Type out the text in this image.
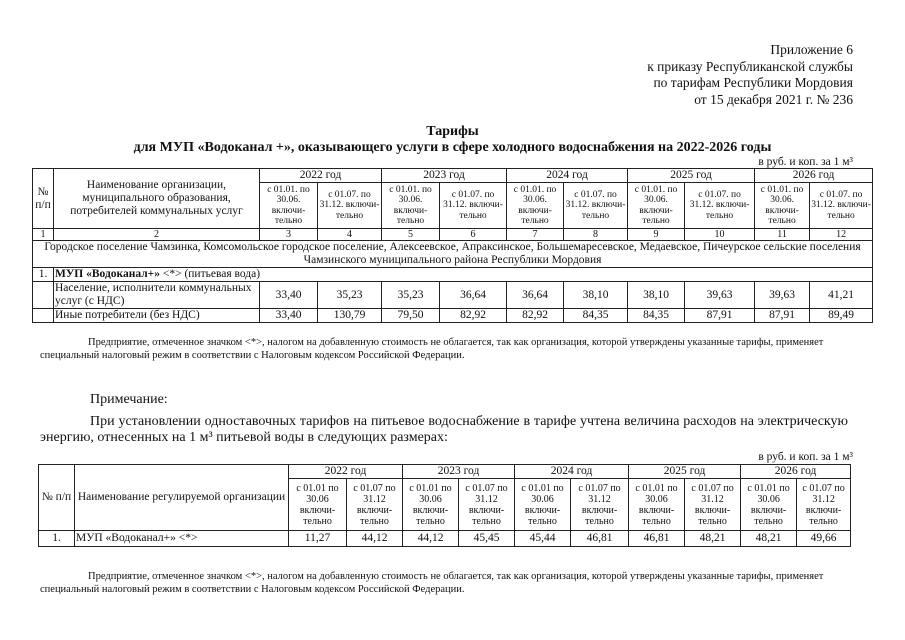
Приложение 6
к приказу Республиканской службы
по тарифам Республики Мордовия
от 15 декабря 2021 г. № 236
Тарифы
для МУП «Водоканал +», оказывающего услуги в сфере холодного водоснабжения на 2022-2026 годы
в руб. и коп. за 1 м³
№ п/п	Наименование организации, муниципального образования, потребителей коммунальных услуг	2022 год		2023 год		2024 год		2025 год		2026 год	
		с 01.01. по 30.06. включи-тельно	с 01.07. по 31.12. включи-тельно	с 01.01. по 30.06. включи-тельно	с 01.07. по 31.12. включи-тельно	с 01.01. по 30.06. включи-тельно	с 01.07. по 31.12. включи-тельно	с 01.01. по 30.06. включи-тельно	с 01.07. по 31.12. включи-тельно	с 01.01. по 30.06. включи-тельно	с 01.07. по 31.12. включи-тельно
1	2	3	4	5	6	7	8	9	10	11	12
Городское поселение Чамзинка, Комсомольское городское поселение, Алексеевское, Апраксинское, Большемаресевское, Медаевское, Пичеурское сельские поселения Чамзинского муниципального района Республики Мордовия											
1.	МУП «Водоканал+» <*> (питьевая вода)										
	Население, исполнители коммунальных услуг (с НДС)	33,40	35,23	35,23	36,64	36,64	38,10	38,10	39,63	39,63	41,21
	Иные потребители (без НДС)	33,40	130,79	79,50	82,92	82,92	84,35	84,35	87,91	87,91	89,49
Предприятие, отмеченное значком <*>, налогом на добавленную стоимость не облагается, так как организация, которой утверждены указанные тарифы, применяет специальный налоговый режим в соответствии с Налоговым кодексом Российской Федерации.
Примечание:
При установлении одноставочных тарифов на питьевое водоснабжение в тарифе учтена величина расходов на электрическую энергию, отнесенных на 1 м³ питьевой воды в следующих размерах:
в руб. и коп. за 1 м³
№ п/п	Наименование регулируемой организации	2022 год		2023 год		2024 год		2025 год		2026 год	
		с 01.01 по 30.06 включи-тельно	с 01.07 по 31.12 включи-тельно	с 01.01 по 30.06 включи-тельно	с 01.07 по 31.12 включи-тельно	с 01.01 по 30.06 включи-тельно	с 01.07 по 31.12 включи-тельно	с 01.01 по 30.06 включи-тельно	с 01.07 по 31.12 включи-тельно	с 01.01 по 30.06 включи-тельно	с 01.07 по 31.12 включи-тельно
1.	МУП «Водоканал+» <*>	11,27	44,12	44,12	45,45	45,44	46,81	46,81	48,21	48,21	49,66
Предприятие, отмеченное значком <*>, налогом на добавленную стоимость не облагается, так как организация, которой утверждены указанные тарифы, применяет специальный налоговый режим в соответствии с Налоговым кодексом Российской Федерации.
